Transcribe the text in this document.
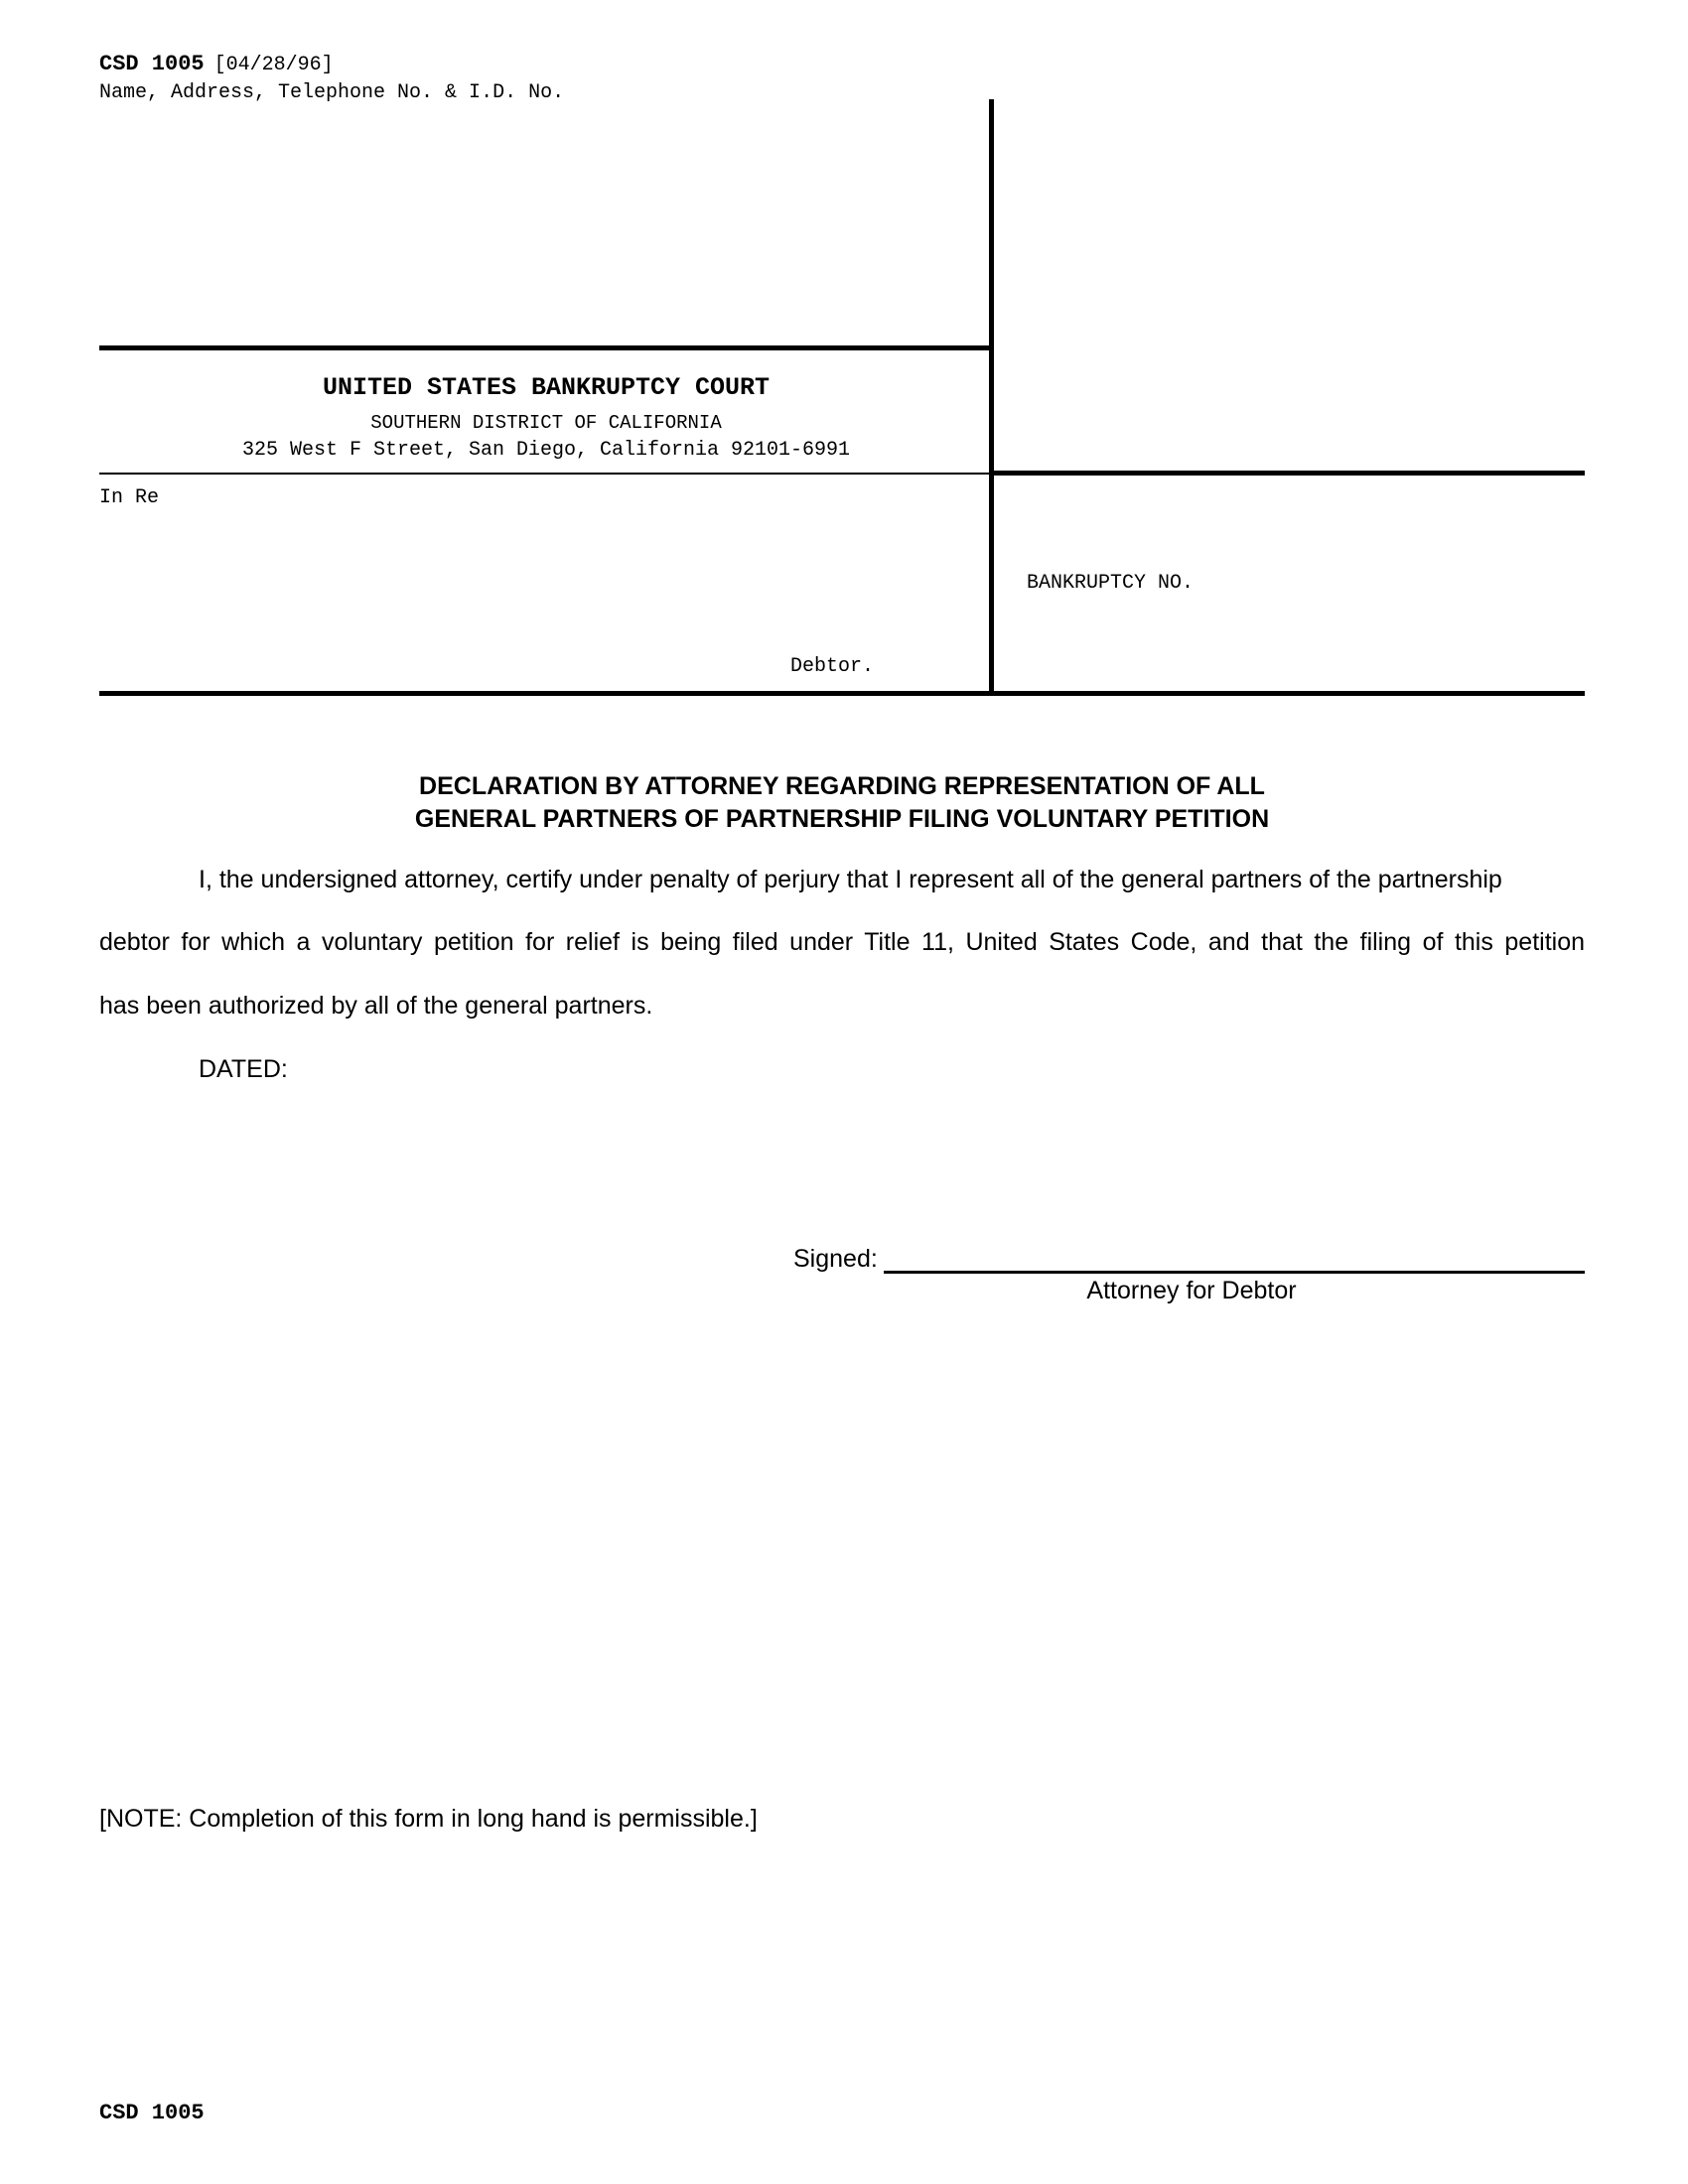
CSD 1005 [04/28/96]
Name, Address, Telephone No. & I.D. No.
UNITED STATES BANKRUPTCY COURT
SOUTHERN DISTRICT OF CALIFORNIA
325 West F Street, San Diego, California 92101-6991
In Re
Debtor.
BANKRUPTCY NO.
DECLARATION BY ATTORNEY REGARDING REPRESENTATION OF ALL
GENERAL PARTNERS OF PARTNERSHIP FILING VOLUNTARY PETITION
I, the undersigned attorney, certify under penalty of perjury that I represent all of the general partners of the partnership
debtor for which a voluntary petition for relief is being filed under Title 11, United States Code, and that the filing of this petition
has been authorized by all of the general partners.
DATED:
Signed:
Attorney for Debtor
[NOTE: Completion of this form in long hand is permissible.]
CSD 1005
